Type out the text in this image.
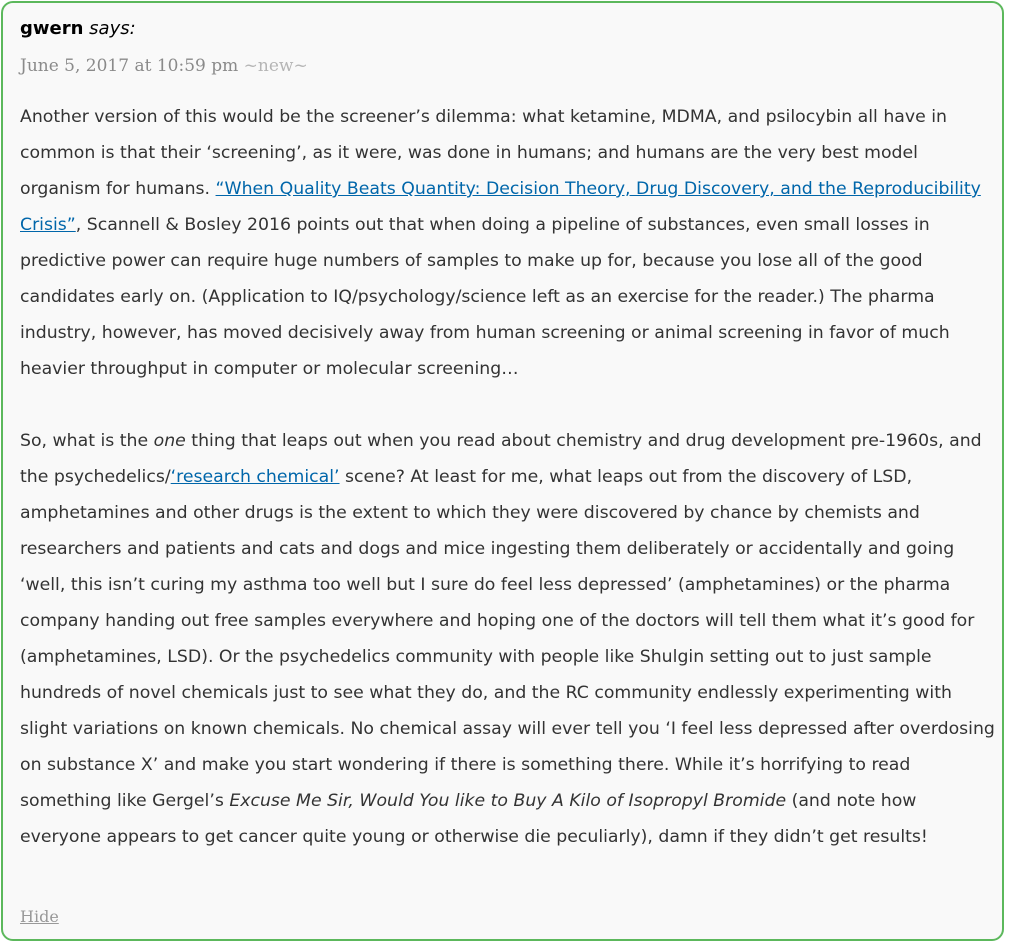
gwern says:
June 5, 2017 at 10:59 pm ~new~

Another version of this would be the screener’s dilemma: what ketamine, MDMA, and psilocybin all have in common is that their ‘screening’, as it were, was done in humans; and humans are the very best model organism for humans. “When Quality Beats Quantity: Decision Theory, Drug Discovery, and the Reproducibility Crisis”, Scannell & Bosley 2016 points out that when doing a pipeline of substances, even small losses in predictive power can require huge numbers of samples to make up for, because you lose all of the good candidates early on. (Application to IQ/psychology/science left as an exercise for the reader.) The pharma industry, however, has moved decisively away from human screening or animal screening in favor of much heavier throughput in computer or molecular screening…

So, what is the one thing that leaps out when you read about chemistry and drug development pre-1960s, and the psychedelics/‘research chemical’ scene? At least for me, what leaps out from the discovery of LSD, amphetamines and other drugs is the extent to which they were discovered by chance by chemists and researchers and patients and cats and dogs and mice ingesting them deliberately or accidentally and going ‘well, this isn’t curing my asthma too well but I sure do feel less depressed’ (amphetamines) or the pharma company handing out free samples everywhere and hoping one of the doctors will tell them what it’s good for (amphetamines, LSD). Or the psychedelics community with people like Shulgin setting out to just sample hundreds of novel chemicals just to see what they do, and the RC community endlessly experimenting with slight variations on known chemicals. No chemical assay will ever tell you ‘I feel less depressed after overdosing on substance X’ and make you start wondering if there is something there. While it’s horrifying to read something like Gergel’s Excuse Me Sir, Would You like to Buy A Kilo of Isopropyl Bromide (and note how everyone appears to get cancer quite young or otherwise die peculiarly), damn if they didn’t get results!

Hide
